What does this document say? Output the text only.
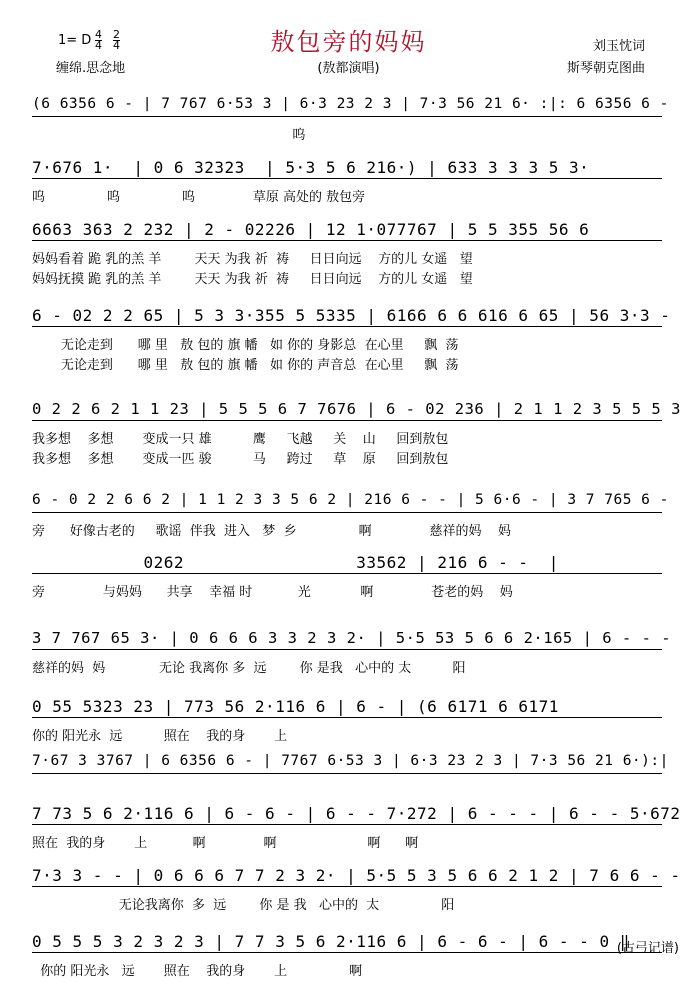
敖包旁的妈妈
1= D 4
4
2
4
缠绵.思念地	(敖都演唱)
刘玉忱词
斯琴朝克图曲
(6 6356 6 - | 7 767 6·53 3 | 6·3 23 2 3 | 7·3 56 21 6· :|: 6 6356 6 -
呜
7·676 1·  | 0 6 32323  | 5·3 5 6 216·) | 633 3 3 3 5 3·
呜               呜               呜              草原 高处的 敖包旁
6663 363 2 232 | 2 - 02226 | 12 1·077767 | 5 5 355 56 6
妈妈看着 跪 乳的羔 羊        天天 为我 祈  祷     日日向远    方的儿 女遥   望
妈妈抚摸 跪 乳的羔 羊        天天 为我 祈  祷     日日向远    方的儿 女遥   望
6 - 02 2 2 65 | 5 3 3·355 5 5335 | 6166 6 6 616 6 65 | 56 3·3 -
无论走到      哪 里   敖 包的 旗 幡   如 你的 身影总  在心里     飘  荡
无论走到      哪 里   敖 包的 旗 幡   如 你的 声音总  在心里     飘  荡
0 2 2 6 2 1 1 23 | 5 5 5 6 7 7676 | 6 - 02 236 | 2 1 1 2 3 5 5 5 3
我多想    多想       变成一只 雄          鹰     飞越     关    山     回到敖包
我多想    多想       变成一匹 骏          马     跨过     草    原     回到敖包
6 - 0 2 2 6 6 2 | 1 1 2 3 3 5 6 2 | 216 6 - - | 5 6·6 - | 3 7 765 6 -
旁      好像古老的     歌谣  伴我  进入   梦  乡               啊              慈祥的妈    妈
0262                 33562 | 216 6 - -  |
旁              与妈妈      共享    幸福 时           光            啊              苍老的妈    妈
3 7 767 65 3· | 0 6 6 6 3 3 2 3 2· | 5·5 53 5 6 6 2·165 | 6 - - -
慈祥的妈  妈             无论 我离你 多  远        你 是我   心中的 太          阳
0 55 5323 23 | 773 56 2·116 6 | 6 - | (6 6171 6 6171
你的 阳光永  远          照在    我的身       上
7·67 3 3767 | 6 6356 6 - | 7767 6·53 3 | 6·3 23 2 3 | 7·3 56 21 6·):|
7 73 5 6 2·116 6 | 6 - 6 - | 6 - - 7·272 | 6 - - - | 6 - - 5·672
照在  我的身       上           啊              啊                      啊      啊
7·3 3 - - | 0 6 6 6 7 7 2 3 2· | 5·5 5 3 5 6 6 2 1 2 | 7 6 6 - -
无论我离你  多  远        你 是 我   心中的  太               阳
0 5 5 5 3 2 3 2 3 | 7 7 3 5 6 2·116 6 | 6 - 6 - | 6 - - 0 ‖
你的 阳光永   远       照在    我的身       上               啊
(古弓记谱)
